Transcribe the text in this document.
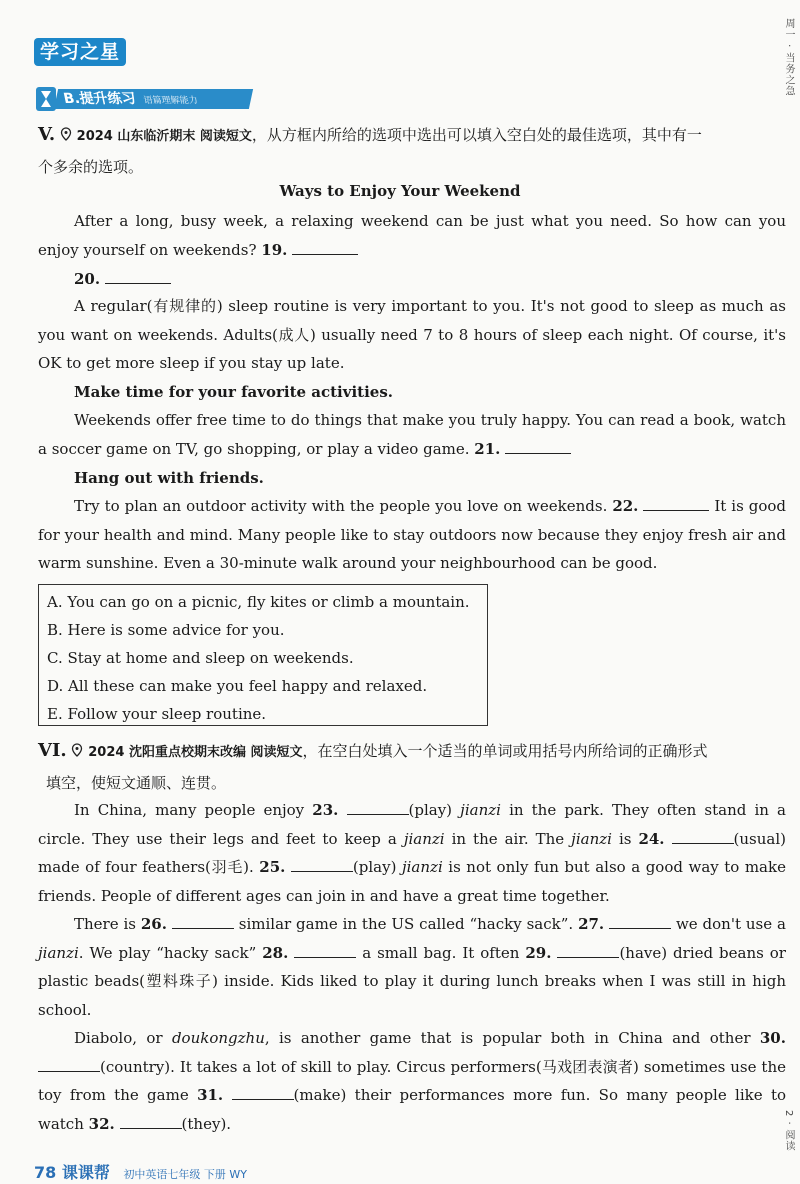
学习之星	周一 · 当务之急
B.提升练习 语篇理解能力
V. 2024 山东临沂期末 阅读短文，从方框内所给的选项中选出可以填入空白处的最佳选项，其中有一
个多余的选项。
Ways to Enjoy Your Weekend

After a long, busy week, a relaxing weekend can be just what you need. So how can you enjoy yourself on weekends? 19.

20.

A regular(有规律的) sleep routine is very important to you. It's not good to sleep as much as you want on weekends. Adults(成人) usually need 7 to 8 hours of sleep each night. Of course, it's OK to get more sleep if you stay up late.

Make time for your favorite activities.

Weekends offer free time to do things that make you truly happy. You can read a book, watch a soccer game on TV, go shopping, or play a video game. 21.

Hang out with friends.

Try to plan an outdoor activity with the people you love on weekends. 22.	It is good for your health and mind. Many people like to stay outdoors now because they enjoy fresh air and warm sunshine. Even a 30-minute walk around your neighbourhood can be good.

A. You can go on a picnic, fly kites or climb a mountain.
B. Here is some advice for you.
C. Stay at home and sleep on weekends.
D. All these can make you feel happy and relaxed.
E. Follow your sleep routine.
VI. 2024 沈阳重点校期末改编 阅读短文，在空白处填入一个适当的单词或用括号内所给词的正确形式
填空，使短文通顺、连贯。

In China, many people enjoy 23.	(play) jianzi in the park. They often stand in a circle. They use their legs and feet to keep a jianzi in the air. The jianzi is 24.	(usual) made of four feathers(羽毛). 25.	(play) jianzi is not only fun but also a good way to make friends. People of different ages can join in and have a great time together.

There is 26.	similar game in the US called “hacky sack”. 27.	we don't use a jianzi. We play “hacky sack” 28.	a small bag. It often 29.	(have) dried beans or plastic beads(塑料珠子) inside. Kids liked to play it during lunch breaks when I was still in high school.

Diabolo, or doukongzhu, is another game that is popular both in China and other 30. (country). It takes a lot of skill to play. Circus performers(马戏团表演者) sometimes use the toy from the game 31.	(make) their performances more fun. So many people like to watch 32.	(they).	2 · 阅读
78 课课帮 初中英语七年级 下册 WY
